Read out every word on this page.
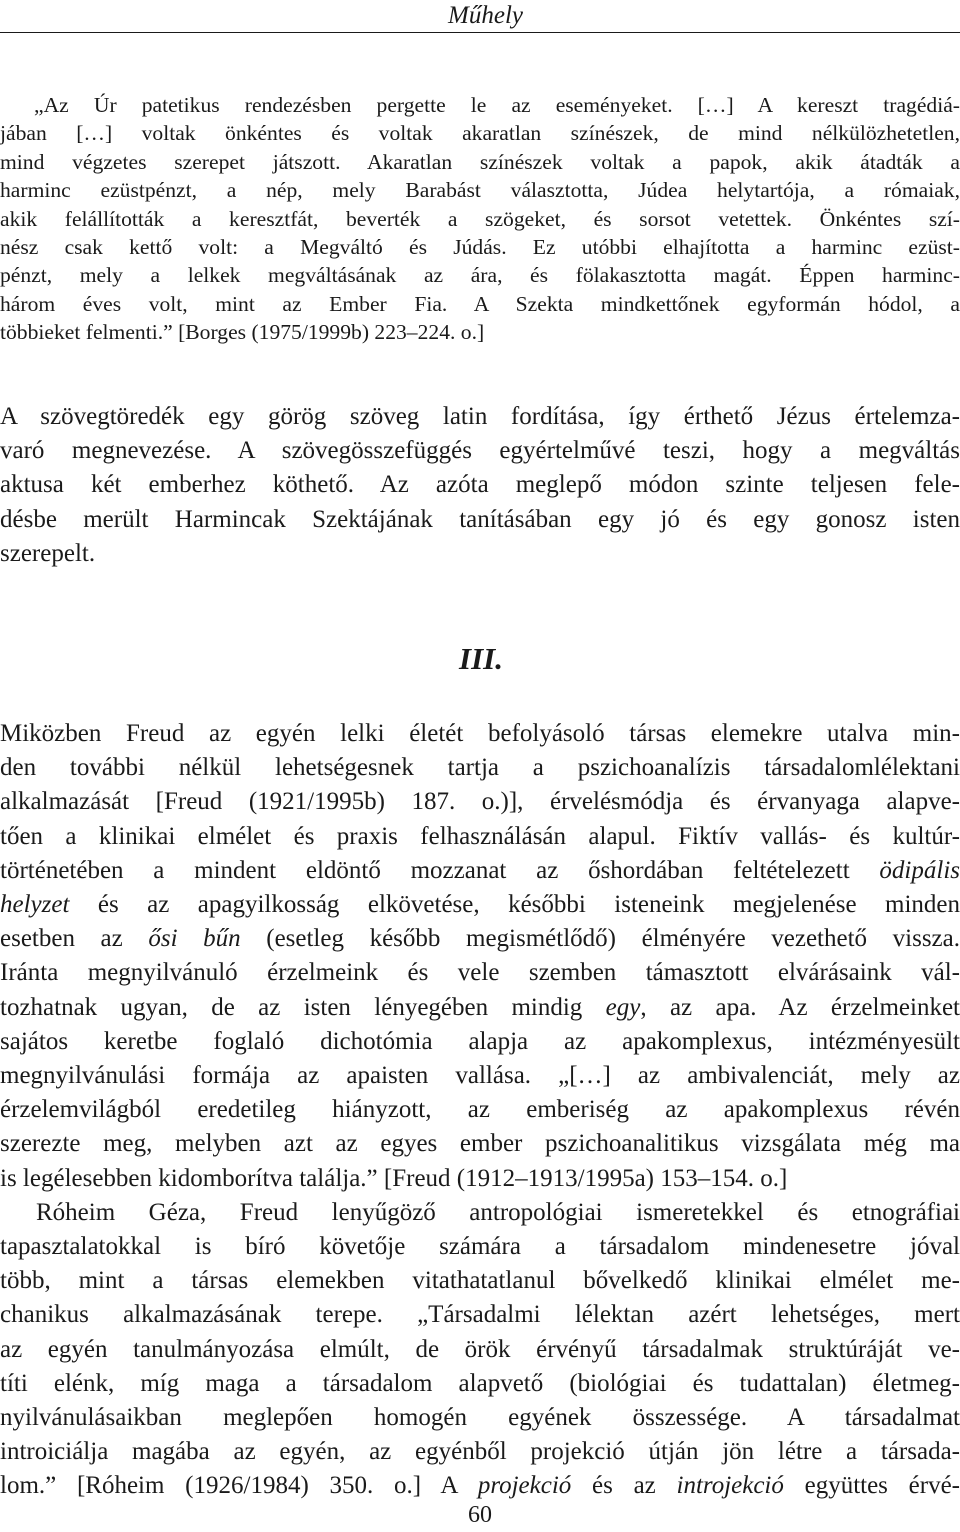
Műhely
„Az Úr patetikus rendezésben pergette le az eseményeket. […] A kereszt tragédiá-
jában […] voltak önkéntes és voltak akaratlan színészek, de mind nélkülözhetetlen,
mind végzetes szerepet játszott. Akaratlan színészek voltak a papok, akik átadták a
harminc ezüstpénzt, a nép, mely Barabást választotta, Júdea helytartója, a rómaiak,
akik felállították a keresztfát, beverték a szögeket, és sorsot vetettek. Önkéntes szí-
nész csak kettő volt: a Megváltó és Júdás. Ez utóbbi elhajította a harminc ezüst-
pénzt, mely a lelkek megváltásának az ára, és fölakasztotta magát. Éppen harminc-
három éves volt, mint az Ember Fia. A Szekta mindkettőnek egyformán hódol, a
többieket felmenti.” [Borges (1975/1999b) 223–224. o.]
A szövegtöredék egy görög szöveg latin fordítása, így érthető Jézus értelemza-
varó megnevezése. A szövegösszefüggés egyértelművé teszi, hogy a megváltás
aktusa két emberhez köthető. Az azóta meglepő módon szinte teljesen fele-
désbe merült Harmincak Szektájának tanításában egy jó és egy gonosz isten
szerepelt.
III.
Miközben Freud az egyén lelki életét befolyásoló társas elemekre utalva min-
den további nélkül lehetségesnek tartja a pszichoanalízis társadalomlélektani
alkalmazását [Freud (1921/1995b) 187. o.)], érvelésmódja és érvanyaga alapve-
tően a klinikai elmélet és praxis felhasználásán alapul. Fiktív vallás- és kultúr-
történetében a mindent eldöntő mozzanat az őshordában feltételezett ödipális
helyzet és az apagyilkosság elkövetése, későbbi isteneink megjelenése minden
esetben az ősi bűn (esetleg később megismétlődő) élményére vezethető vissza.
Iránta megnyilvánuló érzelmeink és vele szemben támasztott elvárásaink vál-
tozhatnak ugyan, de az isten lényegében mindig egy, az apa. Az érzelmeinket
sajátos keretbe foglaló dichotómia alapja az apakomplexus, intézményesült
megnyilvánulási formája az apaisten vallása. „[…] az ambivalenciát, mely az
érzelemvilágból eredetileg hiányzott, az emberiség az apakomplexus révén
szerezte meg, melyben azt az egyes ember pszichoanalitikus vizsgálata még ma
is legélesebben kidomborítva találja.” [Freud (1912–1913/1995a) 153–154. o.]
Róheim Géza, Freud lenyűgöző antropológiai ismeretekkel és etnográfiai
tapasztalatokkal is bíró követője számára a társadalom mindenesetre jóval
több, mint a társas elemekben vitathatatlanul bővelkedő klinikai elmélet me-
chanikus alkalmazásának terepe. „Társadalmi lélektan azért lehetséges, mert
az egyén tanulmányozása elmúlt, de örök érvényű társadalmak struktúráját ve-
títi elénk, míg maga a társadalom alapvető (biológiai és tudattalan) életmeg-
nyilvánulásaikban meglepően homogén egyének összessége. A társadalmat
introiciálja magába az egyén, az egyénből projekció útján jön létre a társada-
lom.” [Róheim (1926/1984) 350. o.] A projekció és az introjekció együttes érvé-
60
